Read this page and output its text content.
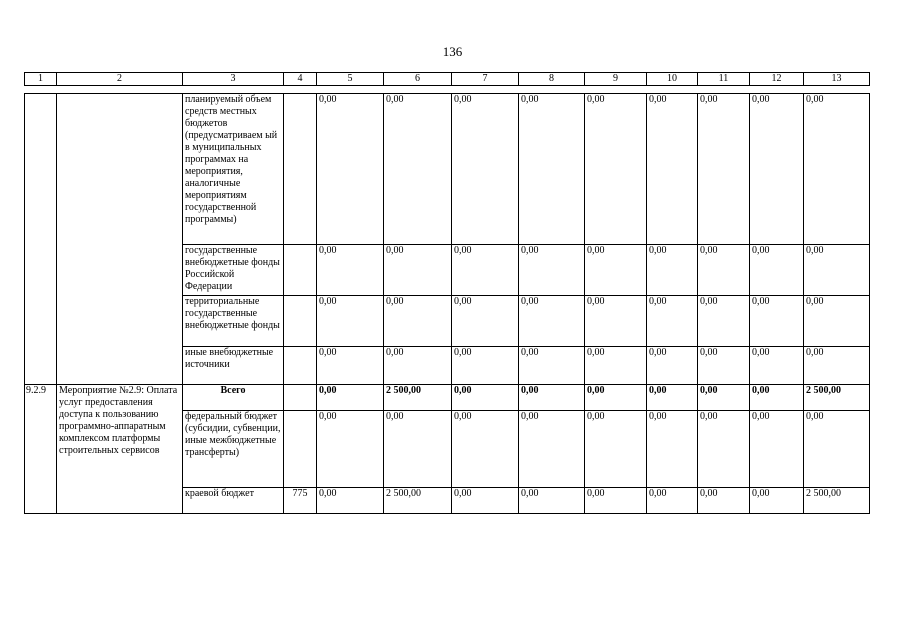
136
1	2	3	4	5	6	7	8	9	10	11	12	13
		планируемый объем средств местных бюджетов (предусматриваем ый в муниципальных программах на мероприятия, аналогичные мероприятиям государственной программы)		0,00	0,00	0,00	0,00	0,00	0,00	0,00	0,00	0,00
		государственные внебюджетные фонды Российской Федерации		0,00	0,00	0,00	0,00	0,00	0,00	0,00	0,00	0,00
		территориальные государственные внебюджетные фонды		0,00	0,00	0,00	0,00	0,00	0,00	0,00	0,00	0,00
		иные внебюджетные источники		0,00	0,00	0,00	0,00	0,00	0,00	0,00	0,00	0,00
9.2.9	Мероприятие №2.9: Оплата услуг предоставления доступа к пользованию программно-аппаратным комплексом платформы строительных сервисов	Всего		0,00	2 500,00	0,00	0,00	0,00	0,00	0,00	0,00	2 500,00
		федеральный бюджет (субсидии, субвенции, иные межбюджетные трансферты)		0,00	0,00	0,00	0,00	0,00	0,00	0,00	0,00	0,00
		краевой бюджет	775	0,00	2 500,00	0,00	0,00	0,00	0,00	0,00	0,00	2 500,00
